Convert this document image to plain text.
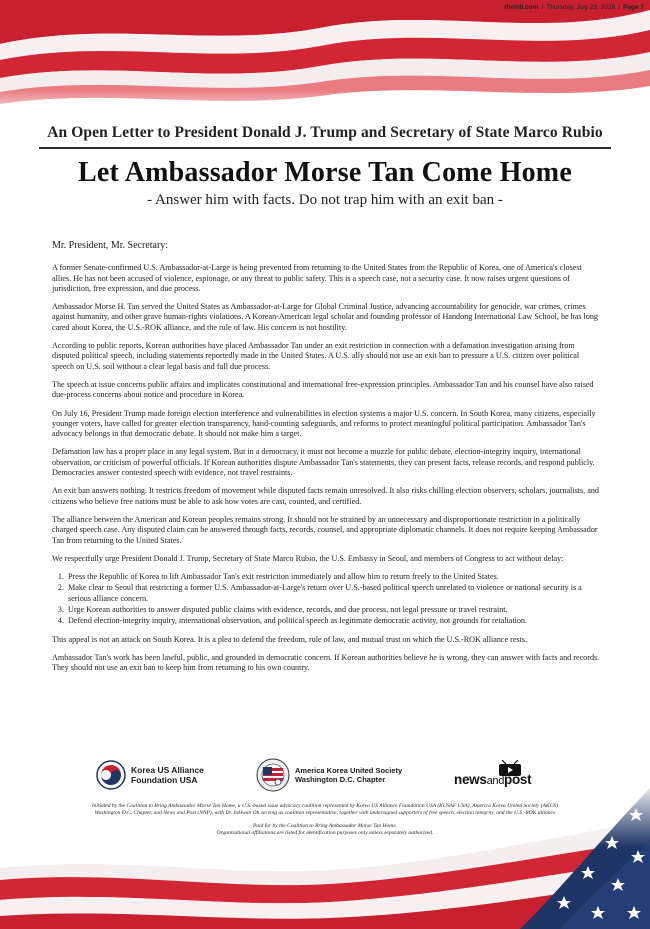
thehill.com / Thursday, July 23, 2026 / Page 7
An Open Letter to President Donald J. Trump and Secretary of State Marco Rubio
Let Ambassador Morse Tan Come Home
- Answer him with facts. Do not trap him with an exit ban -
Mr. President, Mr. Secretary:

A former Senate-confirmed U.S. Ambassador-at-Large is being prevented from returning to the United States from the Republic of Korea, one of America's closest allies. He has not been accused of violence, espionage, or any threat to public safety. This is a speech case, not a security case. It now raises urgent questions of jurisdiction, free expression, and due process.

Ambassador Morse H. Tan served the United States as Ambassador-at-Large for Global Criminal Justice, advancing accountability for genocide, war crimes, crimes against humanity, and other grave human-rights violations. A Korean-American legal scholar and founding professor of Handong International Law School, he has long cared about Korea, the U.S.-ROK alliance, and the rule of law. His concern is not hostility.

According to public reports, Korean authorities have placed Ambassador Tan under an exit restriction in connection with a defamation investigation arising from disputed political speech, including statements reportedly made in the United States. A U.S. ally should not use an exit ban to pressure a U.S. citizen over political speech on U.S. soil without a clear legal basis and full due process.

The speech at issue concerns public affairs and implicates constitutional and international free-expression principles. Ambassador Tan and his counsel have also raised due-process concerns about notice and procedure in Korea.

On July 16, President Trump made foreign election interference and vulnerabilities in election systems a major U.S. concern. In South Korea, many citizens, especially younger voters, have called for greater election transparency, hand-counting safeguards, and reforms to protect meaningful political participation. Ambassador Tan's advocacy belongs in that democratic debate. It should not make him a target.

Defamation law has a proper place in any legal system. But in a democracy, it must not become a muzzle for public debate, election-integrity inquiry, international observation, or criticism of powerful officials. If Korean authorities dispute Ambassador Tan's statements, they can present facts, release records, and respond publicly. Democracies answer contested speech with evidence, not travel restraints.

An exit ban answers nothing. It restricts freedom of movement while disputed facts remain unresolved. It also risks chilling election observers, scholars, journalists, and citizens who believe free nations must be able to ask how votes are cast, counted, and certified.

The alliance between the American and Korean peoples remains strong. It should not be strained by an unnecessary and disproportionate restriction in a politically charged speech case. Any disputed claim can be answered through facts, records, counsel, and appropriate diplomatic channels. It does not require keeping Ambassador Tan from returning to the United States.

We respectfully urge President Donald J. Trump, Secretary of State Marco Rubio, the U.S. Embassy in Seoul, and members of Congress to act without delay:

1. Press the Republic of Korea to lift Ambassador Tan's exit restriction immediately and allow him to return freely to the United States.
2. Make clear to Seoul that restricting a former U.S. Ambassador-at-Large's return over U.S.-based political speech unrelated to violence or national security is a serious alliance concern.
3. Urge Korean authorities to answer disputed public claims with evidence, records, and due process, not legal pressure or travel restraint.
4. Defend election-integrity inquiry, international observation, and political speech as legitimate democratic activity, not grounds for retaliation.

This appeal is not an attack on South Korea. It is a plea to defend the freedom, rule of law, and mutual trust on which the U.S.-ROK alliance rests.

Ambassador Tan's work has been lawful, public, and grounded in democratic concern. If Korean authorities believe he is wrong, they can answer with facts and records. They should not use an exit ban to keep him from returning to his own country.

Korea US Alliance
Foundation USA
America Korea United Society
Washington D.C. Chapter	newsandpost
Initiated by the Coalition to Bring Ambassador Morse Tan Home, a U.S.-based issue advocacy coalition represented by Korea US Alliance Foundation USA (KUSAF USA), America Korea United Society (AKUS) Washington D.C. Chapter, and News and Post (NNP), with Dr. InHwan Oh serving as coalition representative, together with undersigned supporters of free speech, election integrity, and the U.S.-ROK alliance
Paid for by the Coalition to Bring Ambassador Morse Tan Home.
Organizational affiliations are listed for identification purposes only unless separately authorized.
